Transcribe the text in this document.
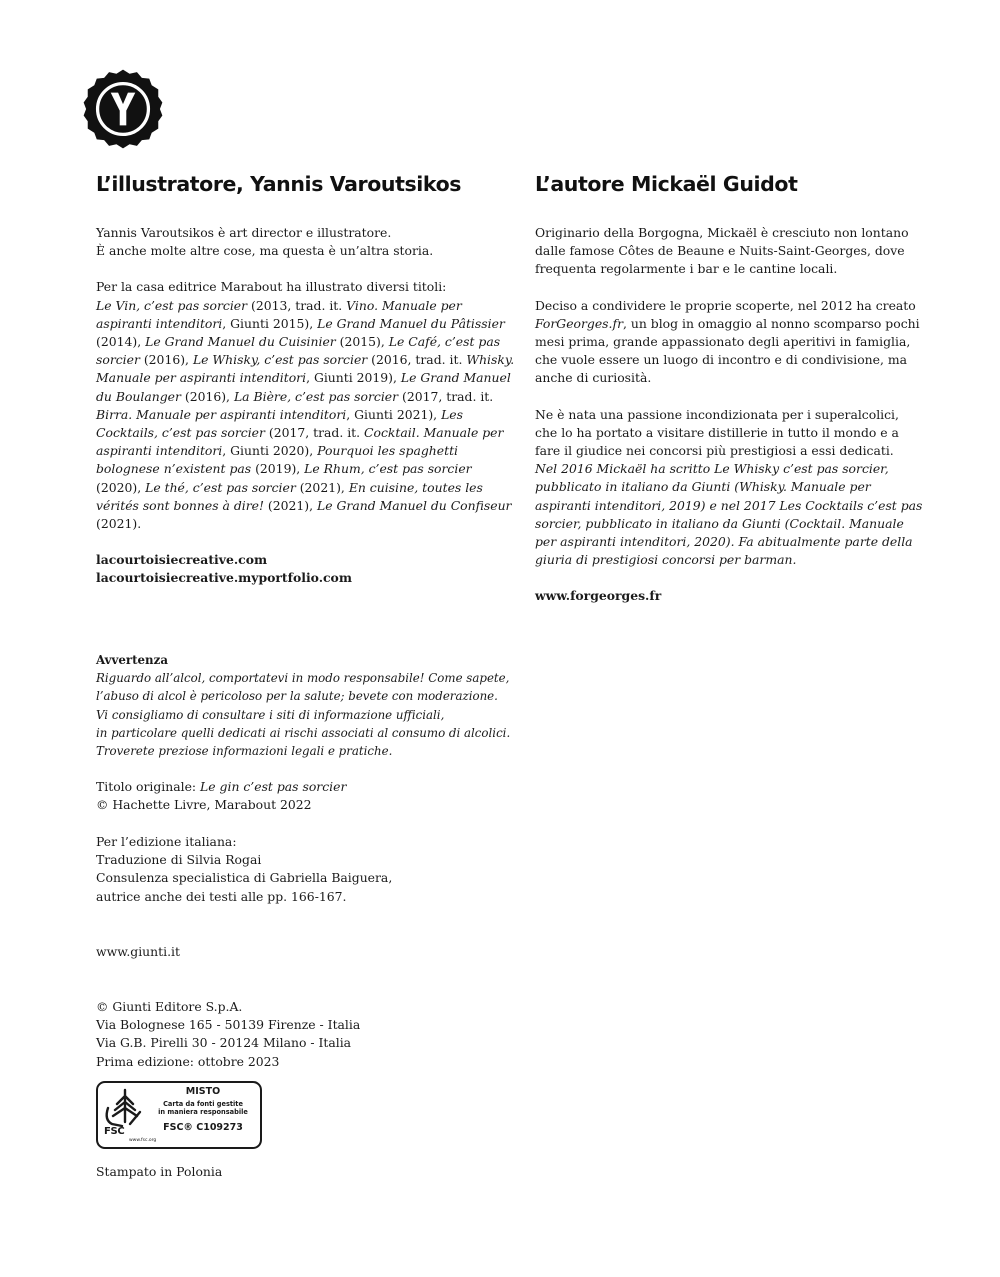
L’illustratore, Yannis Varoutsikos

Yannis Varoutsikos è art director e illustratore.

È anche molte altre cose, ma questa è un’altra storia.

Per la casa editrice Marabout ha illustrato diversi titoli:

Le Vin, c’est pas sorcier (2013, trad. it. Vino. Manuale per aspiranti intenditori, Giunti 2015), Le Grand Manuel du Pâtissier (2014), Le Grand Manuel du Cuisinier (2015), Le Café, c’est pas sorcier (2016), Le Whisky, c’est pas sorcier (2016, trad. it. Whisky. Manuale per aspiranti intenditori, Giunti 2019), Le Grand Manuel du Boulanger (2016), La Bière, c’est pas sorcier (2017, trad. it. Birra. Manuale per aspiranti intenditori, Giunti 2021), Les Cocktails, c’est pas sorcier (2017, trad. it. Cocktail. Manuale per aspiranti intenditori, Giunti 2020), Pourquoi les spaghetti bolognese n’existent pas (2019), Le Rhum, c’est pas sorcier (2020), Le thé, c’est pas sorcier (2021), En cuisine, toutes les vérités sont bonnes à dire! (2021), Le Grand Manuel du Confiseur (2021).

lacourtoisiecreative.com

lacourtoisiecreative.myportfolio.com

L’autore Mickaël Guidot

Originario della Borgogna, Mickaël è cresciuto non lontano dalle famose Côtes de Beaune e Nuits-Saint-Georges, dove frequenta regolarmente i bar e le cantine locali.

Deciso a condividere le proprie scoperte, nel 2012 ha creato ForGeorges.fr, un blog in omaggio al nonno scomparso pochi mesi prima, grande appassionato degli aperitivi in famiglia, che vuole essere un luogo di incontro e di condivisione, ma anche di curiosità.

Ne è nata una passione incondizionata per i superalcolici, che lo ha portato a visitare distillerie in tutto il mondo e a fare il giudice nei concorsi più prestigiosi a essi dedicati.

Nel 2016 Mickaël ha scritto Le Whisky c’est pas sorcier, pubblicato in italiano da Giunti (Whisky. Manuale per aspiranti intenditori, 2019) e nel 2017 Les Cocktails c’est pas sorcier, pubblicato in italiano da Giunti (Cocktail. Manuale per aspiranti intenditori, 2020). Fa abitualmente parte della giuria di prestigiosi concorsi per barman.

www.forgeorges.fr

Avvertenza

Riguardo all’alcol, comportatevi in modo responsabile! Come sapete,

l’abuso di alcol è pericoloso per la salute; bevete con moderazione.

Vi consigliamo di consultare i siti di informazione ufficiali,

in particolare quelli dedicati ai rischi associati al consumo di alcolici.

Troverete preziose informazioni legali e pratiche.

Titolo originale: Le gin c’est pas sorcier

© Hachette Livre, Marabout 2022

Per l’edizione italiana:

Traduzione di Silvia Rogai

Consulenza specialistica di Gabriella Baiguera,

autrice anche dei testi alle pp. 166-167.

www.giunti.it

© Giunti Editore S.p.A.

Via Bolognese 165 - 50139 Firenze - Italia

Via G.B. Pirelli 30 - 20124 Milano - Italia

Prima edizione: ottobre 2023

FSC
www.fsc.org
MISTO
Carta da fonti gestite
in maniera responsabile
FSC® C109273

Stampato in Polonia
